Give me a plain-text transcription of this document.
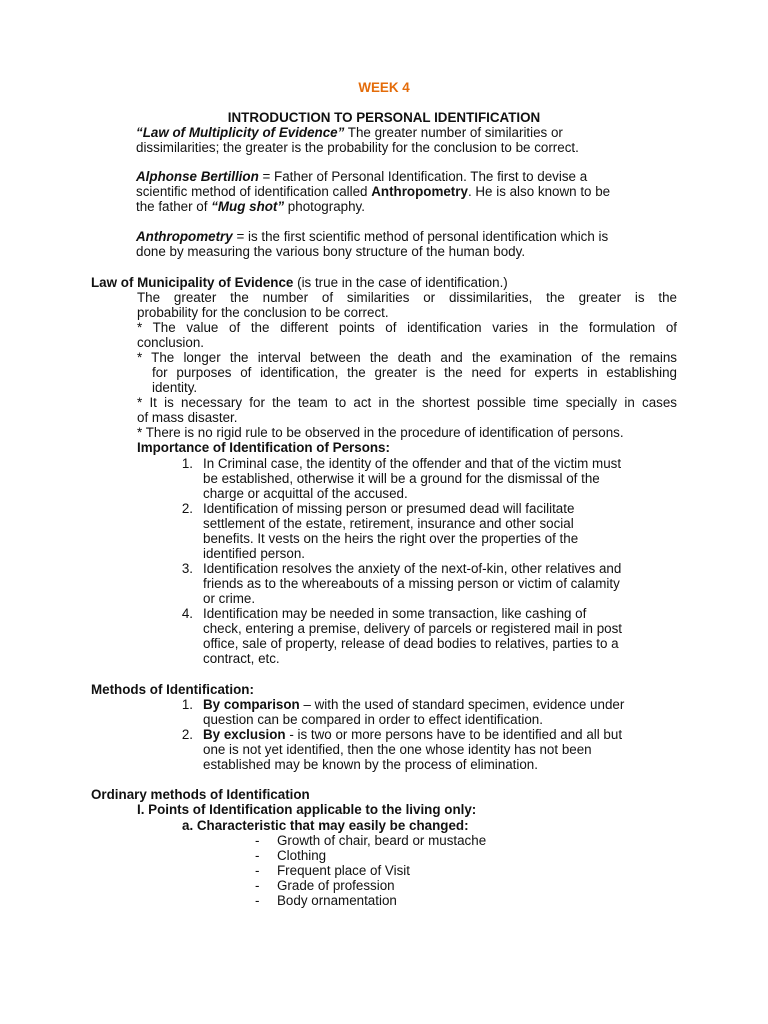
WEEK 4
INTRODUCTION TO PERSONAL IDENTIFICATION
“Law of Multiplicity of Evidence” The greater number of similarities or
dissimilarities; the greater is the probability for the conclusion to be correct.
Alphonse Bertillion = Father of Personal Identification. The first to devise a
scientific method of identification called Anthropometry. He is also known to be
the father of “Mug shot” photography.
Anthropometry = is the first scientific method of personal identification which is
done by measuring the various bony structure of the human body.
Law of Municipality of Evidence (is true in the case of identification.)
The greater the number of similarities or dissimilarities, the greater is the
probability for the conclusion to be correct.
* The value of the different points of identification varies in the formulation of
conclusion.
* The longer the interval between the death and the examination of the remains
for purposes of identification, the greater is the need for experts in establishing
identity.
* It is necessary for the team to act in the shortest possible time specially in cases
of mass disaster.
* There is no rigid rule to be observed in the procedure of identification of persons.
Importance of Identification of Persons:
1. In Criminal case, the identity of the offender and that of the victim must
be established, otherwise it will be a ground for the dismissal of the
charge or acquittal of the accused.
2. Identification of missing person or presumed dead will facilitate
settlement of the estate, retirement, insurance and other social
benefits. It vests on the heirs the right over the properties of the
identified person.
3. Identification resolves the anxiety of the next-of-kin, other relatives and
friends as to the whereabouts of a missing person or victim of calamity
or crime.
4. Identification may be needed in some transaction, like cashing of
check, entering a premise, delivery of parcels or registered mail in post
office, sale of property, release of dead bodies to relatives, parties to a
contract, etc.
Methods of Identification:
1. By comparison – with the used of standard specimen, evidence under
question can be compared in order to effect identification.
2. By exclusion - is two or more persons have to be identified and all but
one is not yet identified, then the one whose identity has not been
established may be known by the process of elimination.
Ordinary methods of Identification
I. Points of Identification applicable to the living only:
a. Characteristic that may easily be changed:
- Growth of chair, beard or mustache
- Clothing
- Frequent place of Visit
- Grade of profession
- Body ornamentation
